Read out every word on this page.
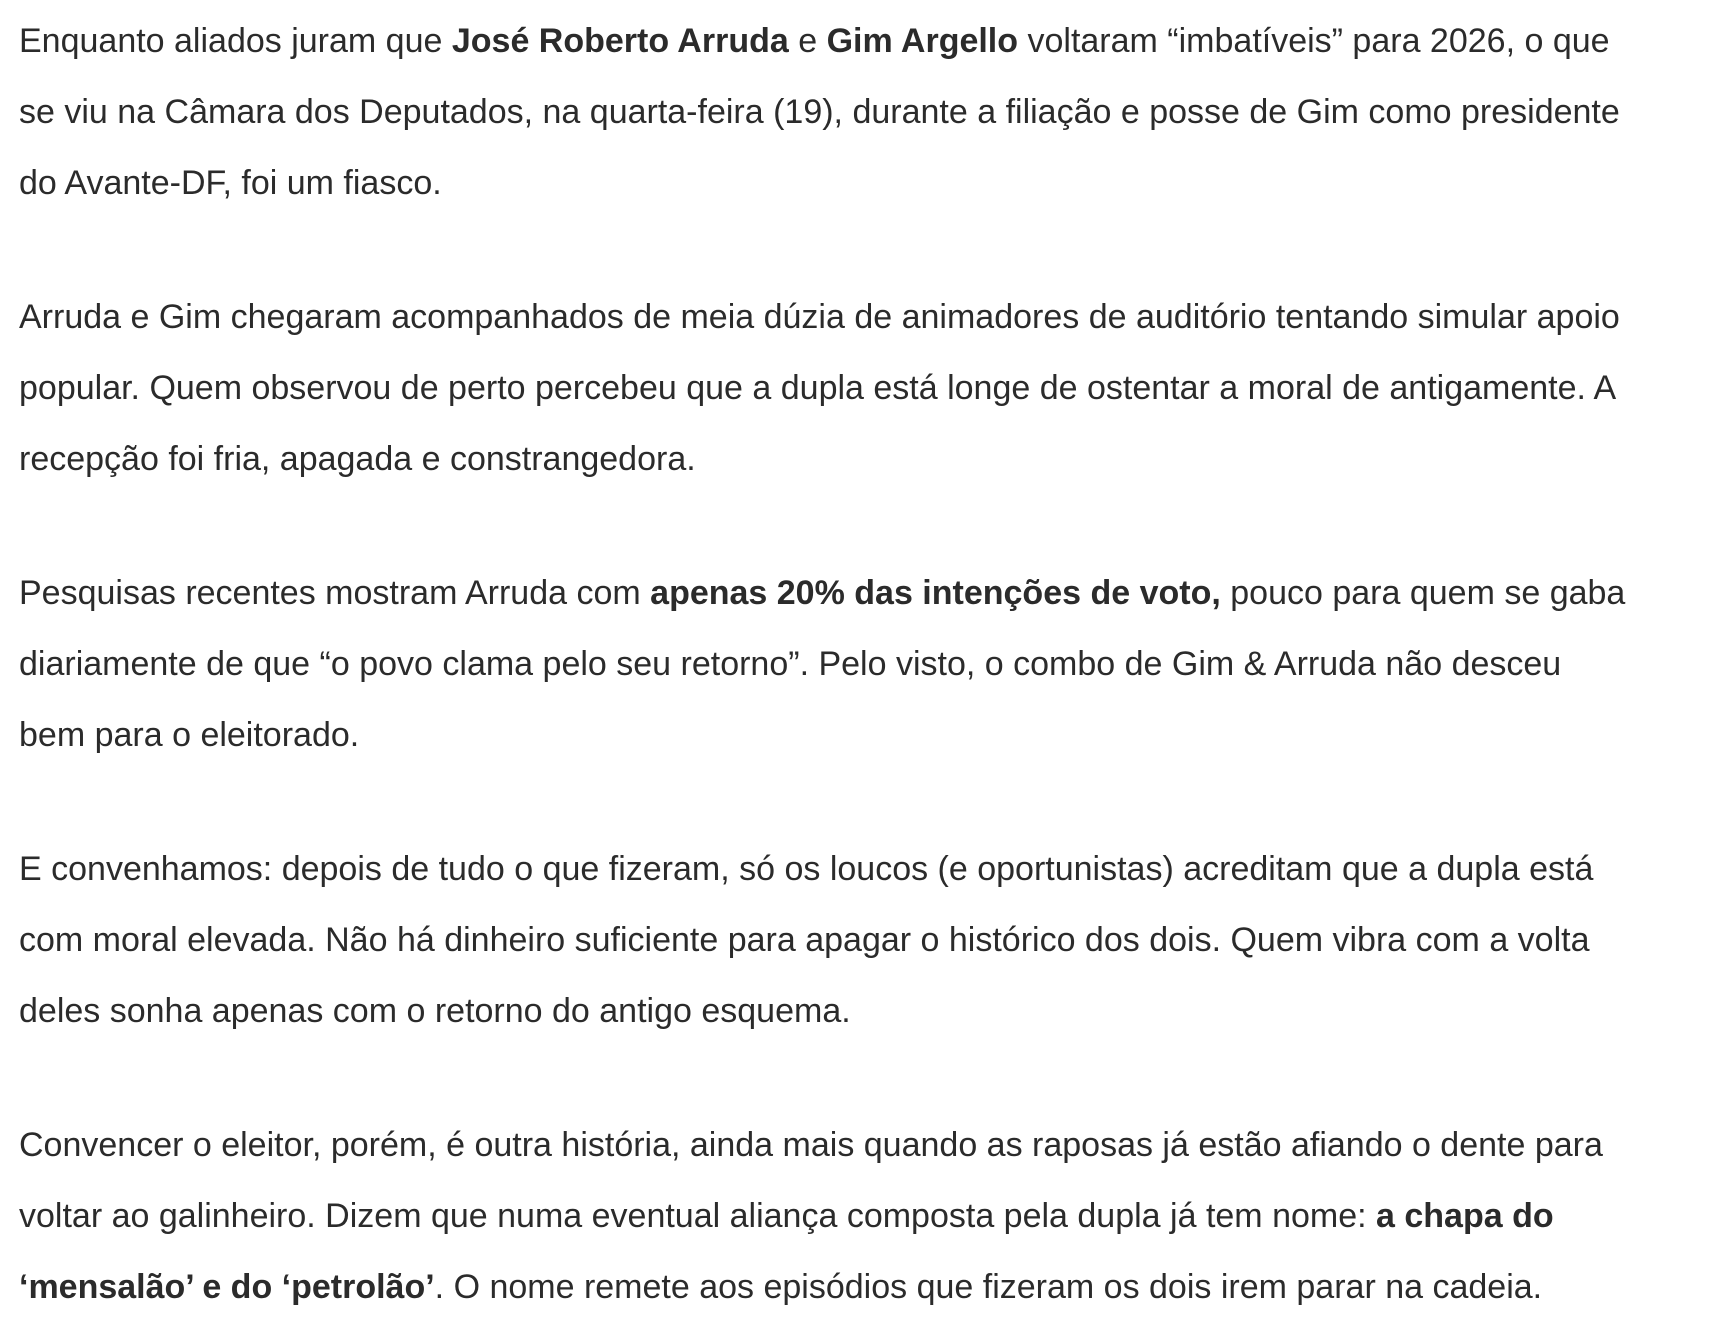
Enquanto aliados juram que José Roberto Arruda e Gim Argello voltaram “imbatíveis” para 2026, o que
se viu na Câmara dos Deputados, na quarta-feira (19), durante a filiação e posse de Gim como presidente
do Avante-DF, foi um fiasco.

Arruda e Gim chegaram acompanhados de meia dúzia de animadores de auditório tentando simular apoio
popular. Quem observou de perto percebeu que a dupla está longe de ostentar a moral de antigamente. A
recepção foi fria, apagada e constrangedora.

Pesquisas recentes mostram Arruda com apenas 20% das intenções de voto, pouco para quem se gaba
diariamente de que “o povo clama pelo seu retorno”. Pelo visto, o combo de Gim & Arruda não desceu
bem para o eleitorado.

E convenhamos: depois de tudo o que fizeram, só os loucos (e oportunistas) acreditam que a dupla está
com moral elevada. Não há dinheiro suficiente para apagar o histórico dos dois. Quem vibra com a volta
deles sonha apenas com o retorno do antigo esquema.

Convencer o eleitor, porém, é outra história, ainda mais quando as raposas já estão afiando o dente para
voltar ao galinheiro. Dizem que numa eventual aliança composta pela dupla já tem nome: a chapa do
‘mensalão’ e do ‘petrolão’. O nome remete aos episódios que fizeram os dois irem parar na cadeia.
